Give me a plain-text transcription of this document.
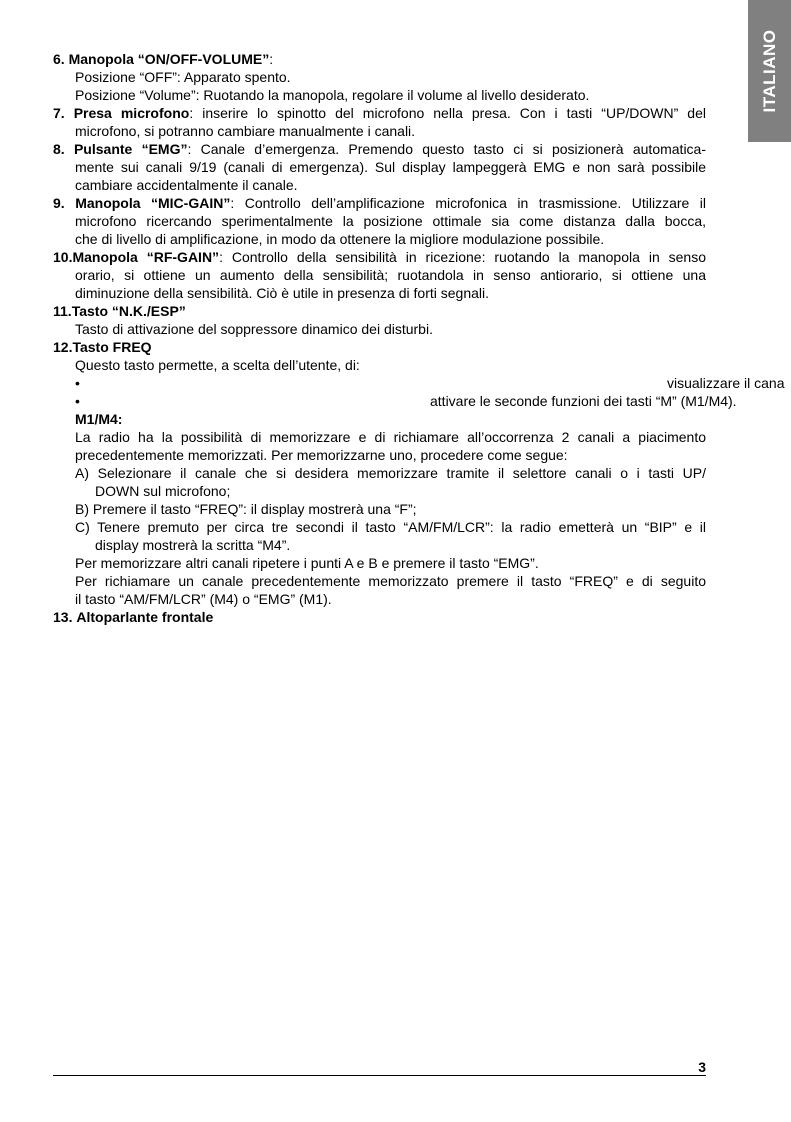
ITALIANO
6. Manopola “ON/OFF-VOLUME”:
Posizione “OFF”: Apparato spento.
Posizione “Volume”: Ruotando la manopola, regolare il volume al livello desiderato.
7. Presa microfono: inserire lo spinotto del microfono nella presa. Con i tasti “UP/DOWN” del
microfono, si potranno cambiare manualmente i canali.
8. Pulsante “EMG”: Canale d’emergenza. Premendo questo tasto ci si posizionerà automatica-
mente sui canali 9/19 (canali di emergenza). Sul display lampeggerà EMG e non sarà possibile
cambiare accidentalmente il canale.
9. Manopola “MIC-GAIN”: Controllo dell’amplificazione microfonica in trasmissione. Utilizzare il
microfono ricercando sperimentalmente la posizione ottimale sia come distanza dalla bocca,
che di livello di amplificazione, in modo da ottenere la migliore modulazione possibile.
10.Manopola “RF-GAIN”: Controllo della sensibilità in ricezione: ruotando la manopola in senso
orario, si ottiene un aumento della sensibilità; ruotandola in senso antiorario, si ottiene una
diminuzione della sensibilità. Ciò è utile in presenza di forti segnali.
11.Tasto “N.K./ESP”
Tasto di attivazione del soppressore dinamico dei disturbi.
12.Tasto FREQ
Questo tasto permette, a scelta dell’utente, di:
•	visualizzare il cana
•	attivare le seconde funzioni dei tasti “M” (M1/M4).
M1/M4:
La radio ha la possibilità di memorizzare e di richiamare all’occorrenza 2 canali a piacimento
precedentemente memorizzati. Per memorizzarne uno, procedere come segue:
A) Selezionare il canale che si desidera memorizzare tramite il selettore canali o i tasti UP/
DOWN sul microfono;
B) Premere il tasto “FREQ”: il display mostrerà una “F”;
C) Tenere premuto per circa tre secondi il tasto “AM/FM/LCR”: la radio emetterà un “BIP” e il
display mostrerà la scritta “M4”.
Per memorizzare altri canali ripetere i punti A e B e premere il tasto “EMG”.
Per richiamare un canale precedentemente memorizzato premere il tasto “FREQ” e di seguito
il tasto “AM/FM/LCR” (M4) o “EMG” (M1).
13. Altoparlante frontale
3
